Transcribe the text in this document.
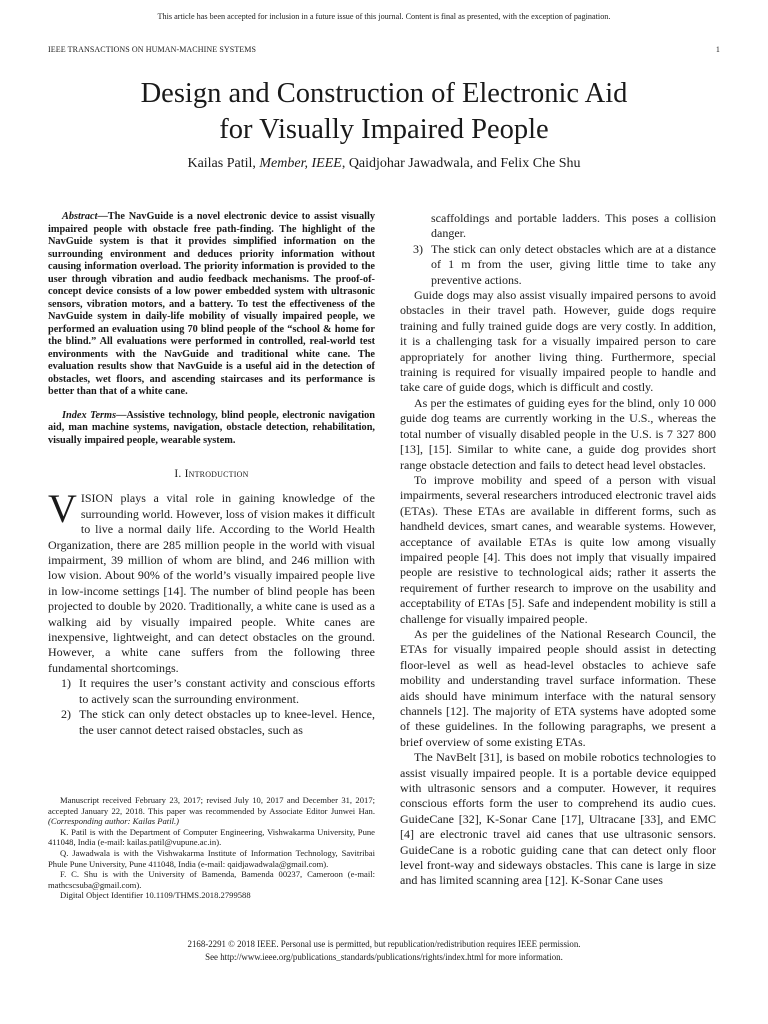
This article has been accepted for inclusion in a future issue of this journal. Content is final as presented, with the exception of pagination.
IEEE TRANSACTIONS ON HUMAN-MACHINE SYSTEMS	1
Design and Construction of Electronic Aid
for Visually Impaired People
Kailas Patil, Member, IEEE, Qaidjohar Jawadwala, and Felix Che Shu

Abstract—The NavGuide is a novel electronic device to assist visually impaired people with obstacle free path-finding. The highlight of the NavGuide system is that it provides simplified information on the surrounding environment and deduces priority information without causing information overload. The priority information is provided to the user through vibration and audio feedback mechanisms. The proof-of-concept device consists of a low power embedded system with ultrasonic sensors, vibration motors, and a battery. To test the effectiveness of the NavGuide system in daily-life mobility of visually impaired people, we performed an evaluation using 70 blind people of the “school & home for the blind.” All evaluations were performed in controlled, real-world test environments with the NavGuide and traditional white cane. The evaluation results show that NavGuide is a useful aid in the detection of obstacles, wet floors, and ascending staircases and its performance is better than that of a white cane.

Index Terms—Assistive technology, blind people, electronic navigation aid, man machine systems, navigation, obstacle detection, rehabilitation, visually impaired people, wearable system.

I. Introduction

VISION plays a vital role in gaining knowledge of the surrounding world. However, loss of vision makes it difficult to live a normal daily life. According to the World Health Organization, there are 285 million people in the world with visual impairment, 39 million of whom are blind, and 246 million with low vision. About 90% of the world’s visually impaired people live in low-income settings [14]. The number of blind people has been projected to double by 2020. Traditionally, a white cane is used as a walking aid by visually impaired people. White canes are inexpensive, lightweight, and can detect obstacles on the ground. However, a white cane suffers from the following three fundamental shortcomings.

1) It requires the user’s constant activity and conscious efforts to actively scan the surrounding environment.
2) The stick can only detect obstacles up to knee-level. Hence, the user cannot detect raised obstacles, such as

Manuscript received February 23, 2017; revised July 10, 2017 and December 31, 2017; accepted January 22, 2018. This paper was recommended by Associate Editor Junwei Han. (Corresponding author: Kailas Patil.)

K. Patil is with the Department of Computer Engineering, Vishwakarma University, Pune 411048, India (e-mail: kailas.patil@vupune.ac.in).

Q. Jawadwala is with the Vishwakarma Institute of Information Technology, Savitribai Phule Pune University, Pune 411048, India (e-mail: qaidjawadwala@gmail.com).

F. C. Shu is with the University of Bamenda, Bamenda 00237, Cameroon (e-mail: mathcscsuba@gmail.com).

Digital Object Identifier 10.1109/THMS.2018.2799588

scaffoldings and portable ladders. This poses a collision danger.
3) The stick can only detect obstacles which are at a distance of 1 m from the user, giving little time to take any preventive actions.

Guide dogs may also assist visually impaired persons to avoid obstacles in their travel path. However, guide dogs require training and fully trained guide dogs are very costly. In addition, it is a challenging task for a visually impaired person to care appropriately for another living thing. Furthermore, special training is required for visually impaired people to handle and take care of guide dogs, which is difficult and costly.

As per the estimates of guiding eyes for the blind, only 10 000 guide dog teams are currently working in the U.S., whereas the total number of visually disabled people in the U.S. is 7 327 800 [13], [15]. Similar to white cane, a guide dog provides short range obstacle detection and fails to detect head level obstacles.

To improve mobility and speed of a person with visual impairments, several researchers introduced electronic travel aids (ETAs). These ETAs are available in different forms, such as handheld devices, smart canes, and wearable systems. However, acceptance of available ETAs is quite low among visually impaired people [4]. This does not imply that visually impaired people are resistive to technological aids; rather it asserts the requirement of further research to improve on the usability and acceptability of ETAs [5]. Safe and independent mobility is still a challenge for visually impaired people.

As per the guidelines of the National Research Council, the ETAs for visually impaired people should assist in detecting floor-level as well as head-level obstacles to achieve safe mobility and understanding travel surface information. These aids should have minimum interface with the natural sensory channels [12]. The majority of ETA systems have adopted some of these guidelines. In the following paragraphs, we present a brief overview of some existing ETAs.

The NavBelt [31], is based on mobile robotics technologies to assist visually impaired people. It is a portable device equipped with ultrasonic sensors and a computer. However, it requires conscious efforts form the user to comprehend its audio cues. GuideCane [32], K-Sonar Cane [17], Ultracane [33], and EMC [4] are electronic travel aid canes that use ultrasonic sensors. GuideCane is a robotic guiding cane that can detect only floor level front-way and sideways obstacles. This cane is large in size and has limited scanning area [12]. K-Sonar Cane uses

2168-2291 © 2018 IEEE. Personal use is permitted, but republication/redistribution requires IEEE permission.
See http://www.ieee.org/publications_standards/publications/rights/index.html for more information.
